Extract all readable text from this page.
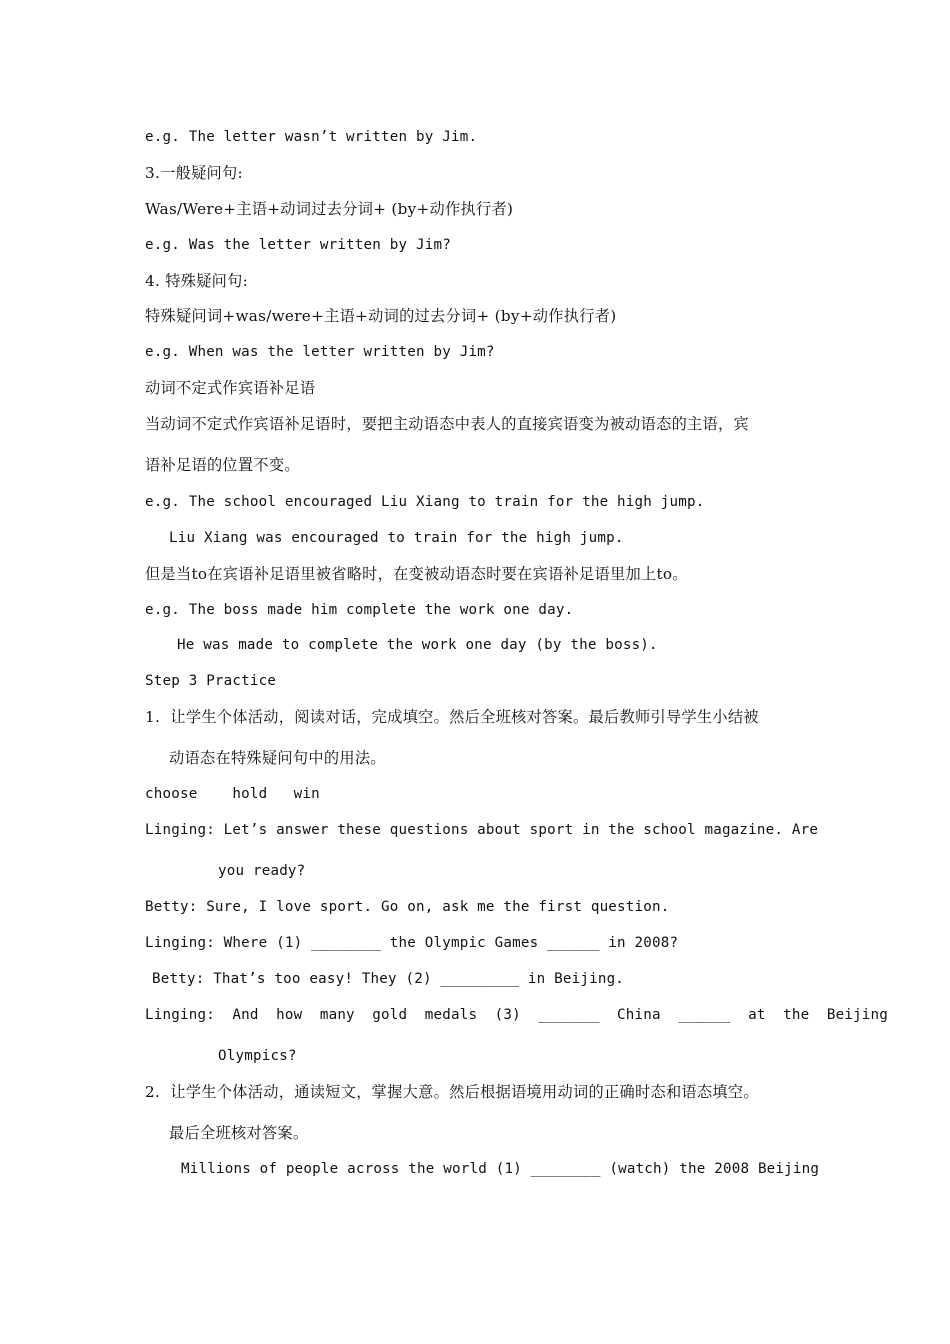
e.g. The letter wasn’t written by Jim.
3.一般疑问句:
Was/Were+主语+动词过去分词+ (by+动作执行者)
e.g. Was the letter written by Jim?
4. 特殊疑问句:
特殊疑问词+was/were+主语+动词的过去分词+ (by+动作执行者)
e.g. When was the letter written by Jim?
动词不定式作宾语补足语
当动词不定式作宾语补足语时，要把主动语态中表人的直接宾语变为被动语态的主语，宾
语补足语的位置不变。
e.g. The school encouraged Liu Xiang to train for the high jump.
Liu Xiang was encouraged to train for the high jump.
但是当to在宾语补足语里被省略时，在变被动语态时要在宾语补足语里加上to。
e.g. The boss made him complete the work one day.
He was made to complete the work one day (by the boss).
Step 3 Practice
1.  让学生个体活动，阅读对话，完成填空。然后全班核对答案。最后教师引导学生小结被
动语态在特殊疑问句中的用法。
choose    hold   win
Linging: Let’s answer these questions about sport in the school magazine. Are
you ready?
Betty: Sure, I love sport. Go on, ask me the first question.
Linging: Where (1) ________ the Olympic Games ______ in 2008?
Betty: That’s too easy! They (2) _________ in Beijing.
Linging:  And  how  many  gold  medals  (3)  _______  China  ______  at  the  Beijing
Olympics?
2.  让学生个体活动，通读短文，掌握大意。然后根据语境用动词的正确时态和语态填空。
最后全班核对答案。
Millions of people across the world (1) ________ (watch) the 2008 Beijing
